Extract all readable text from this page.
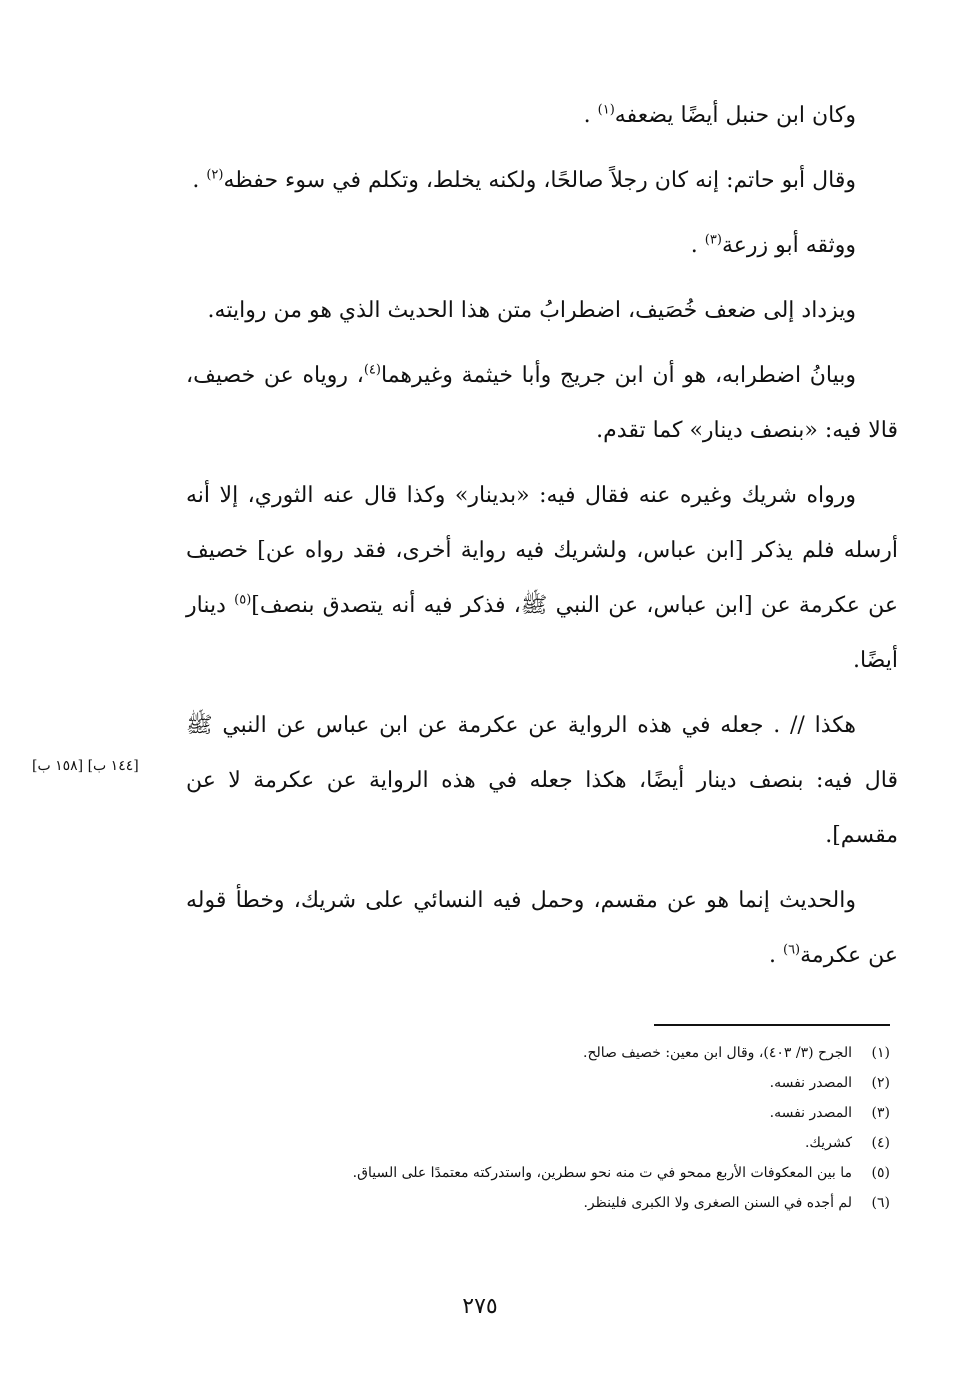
وكان ابن حنبل أيضًا يضعفه$^{(١)}$ .

وقال أبو حاتم: إنه كان رجلاً صالحًا، ولكنه يخلط، وتكلم في سوء حفظه$^{(٢)}$ .

ووثقه أبو زرعة$^{(٣)}$ .

ويزداد إلى ضعف خُصَيف، اضطرابُ متن هذا الحديث الذي هو من روايته.

وبيانُ اضطرابه، هو أن ابن جريج وأبا خيثمة وغيرهما$^{(٤)}$، روياه عن خصيف، قالا فيه: «بنصف دينار» كما تقدم.

ورواه شريك وغيره عنه فقال فيه: «بدينار» وكذا قال عنه الثوري، إلا أنه أرسله فلم يذكر [ابن عباس، ولشريك فيه رواية أخرى، فقد رواه عن] خصيف عن عكرمة عن [ابن عباس، عن النبي ﷺ، فذكر فيه أنه يتصدق بنصف]$^{(٥)}$ دينار أيضًا.

هكذا // . جعله في هذه الرواية عن عكرمة عن ابن عباس عن النبي ﷺ قال فيه: بنصف دينار أيضًا، هكذا جعله في هذه الرواية عن عكرمة لا عن مقسم].

والحديث إنما هو عن مقسم، وحمل فيه النسائي على شريك، وخطأ قوله عن عكرمة$^{(٦)}$ .

[١٤٤ ب] [١٥٨ ب]
(١)
الجرح (٣/ ٤٠٣)، وقال ابن معين: خصيف صالح.
(٢)
المصدر نفسه.
(٣)
المصدر نفسه.
(٤)
كشريك.
(٥)
ما بين المعكوفات الأربع ممحو في ت منه نحو سطرين، واستدركته معتمدًا على السياق.
(٦)
لم أجده في السنن الصغرى ولا الكبرى فلينظر.
٢٧٥
